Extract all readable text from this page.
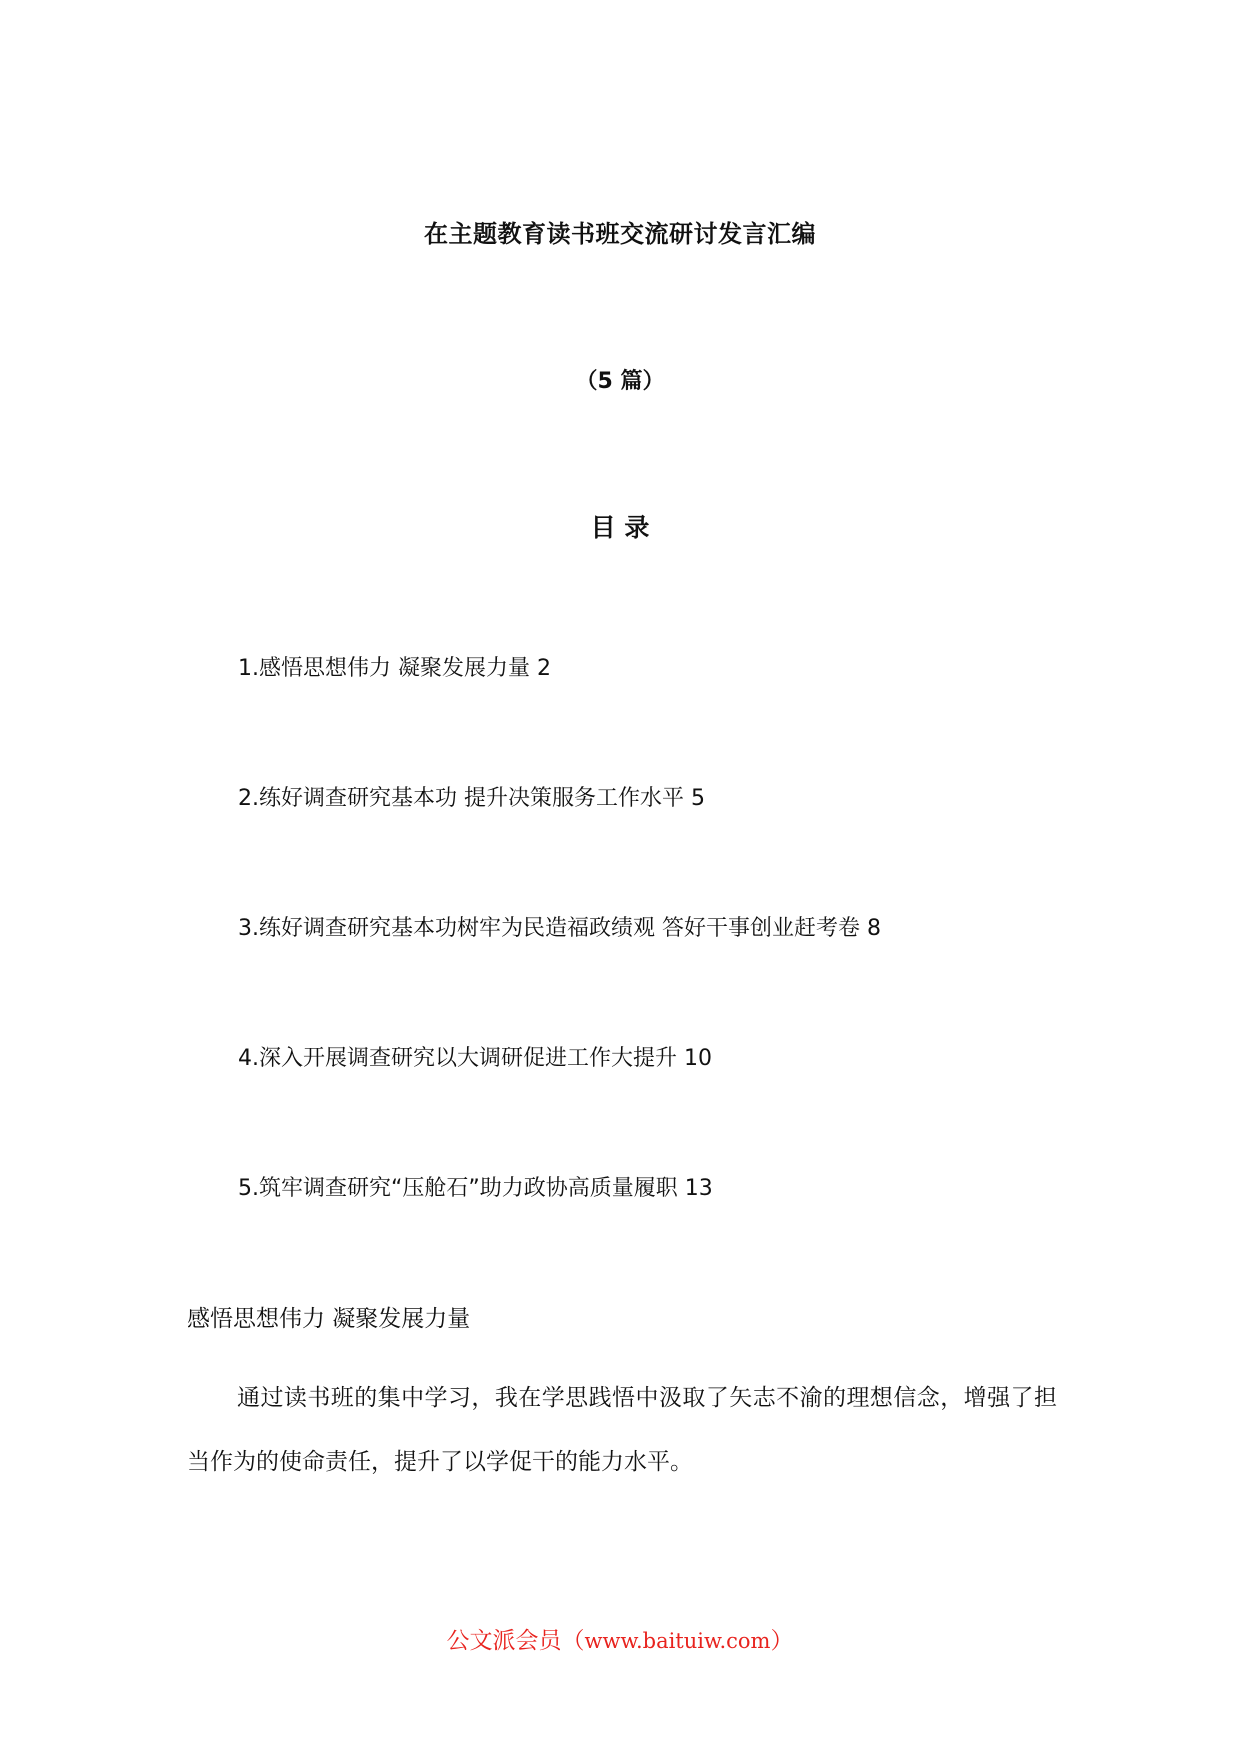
在主题教育读书班交流研讨发言汇编
（5 篇）
目 录
1.感悟思想伟力 凝聚发展力量 2
2.练好调查研究基本功 提升决策服务工作水平 5
3.练好调查研究基本功树牢为民造福政绩观 答好干事创业赶考卷 8
4.深入开展调查研究以大调研促进工作大提升 10
5.筑牢调查研究“压舱石”助力政协高质量履职 13
感悟思想伟力 凝聚发展力量

通过读书班的集中学习，我在学思践悟中汲取了矢志不渝的理想信念，增强了担当作为的使命责任，提升了以学促干的能力水平。

公文派会员（www.baituiw.com）
